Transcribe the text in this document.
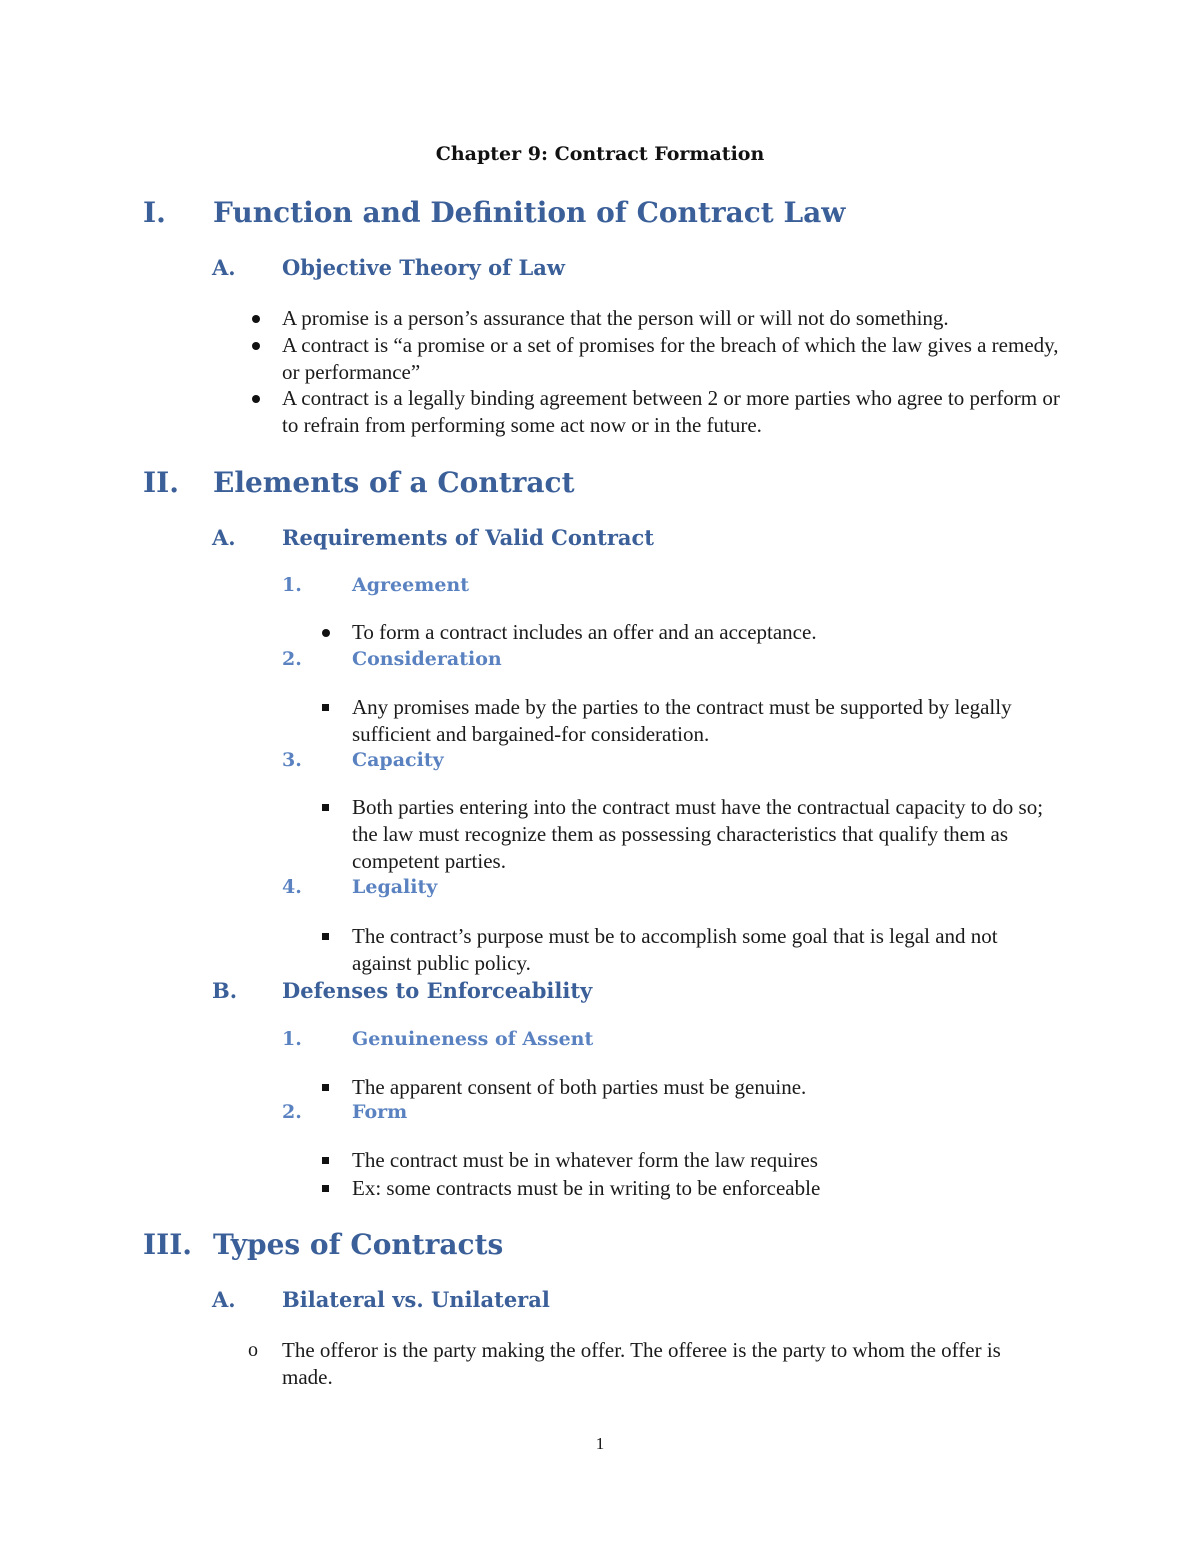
Chapter 9: Contract Formation
I. Function and Definition of Contract Law
A. Objective Theory of Law
A promise is a person’s assurance that the person will or will not do something.
A contract is “a promise or a set of promises for the breach of which the law gives a remedy, or performance”
A contract is a legally binding agreement between 2 or more parties who agree to perform or to refrain from performing some act now or in the future.
II. Elements of a Contract
A. Requirements of Valid Contract
1.	Agreement
To form a contract includes an offer and an acceptance.
2.	Consideration
Any promises made by the parties to the contract must be supported by legally sufficient and bargained-for consideration.
3.	Capacity
Both parties entering into the contract must have the contractual capacity to do so; the law must recognize them as possessing characteristics that qualify them as competent parties.
4.	Legality
The contract’s purpose must be to accomplish some goal that is legal and not against public policy.
B. Defenses to Enforceability
1.	Genuineness of Assent
The apparent consent of both parties must be genuine.
2.	Form
The contract must be in whatever form the law requires
Ex: some contracts must be in writing to be enforceable
III. Types of Contracts
A. Bilateral vs. Unilateral
o The offeror is the party making the offer. The offeree is the party to whom the offer is made.
1
